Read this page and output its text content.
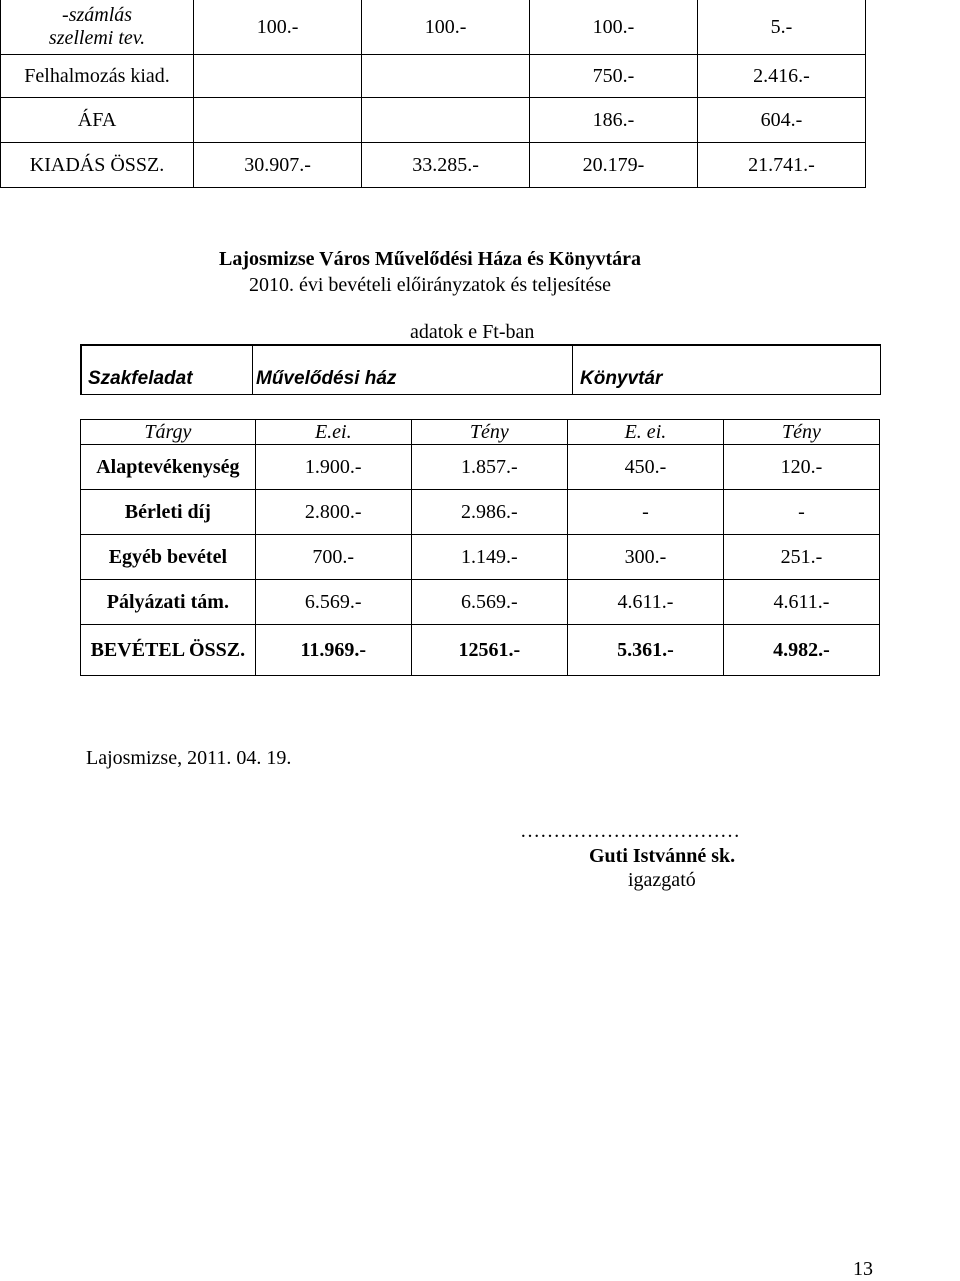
-számlás
szellemi tev.	100.-	100.-	100.-	5.-
Felhalmozás kiad.			750.-	2.416.-
ÁFA			186.-	604.-
KIADÁS ÖSSZ.	30.907.-	33.285.-	20.179-	21.741.-
Lajosmizse Város Művelődési Háza és Könyvtára
2010. évi bevételi előirányzatok és teljesítése
adatok e Ft-ban
Szakfeladat	Művelődési ház	Könyvtár
Tárgy	E.ei.	Tény	E. ei.	Tény
Alaptevékenység	1.900.-	1.857.-	450.-	120.-
Bérleti díj	2.800.-	2.986.-	-	-
Egyéb bevétel	700.-	1.149.-	300.-	251.-
Pályázati tám.	6.569.-	6.569.-	4.611.-	4.611.-
BEVÉTEL ÖSSZ.	11.969.-	12561.-	5.361.-	4.982.-
Lajosmizse, 2011. 04. 19.
……………………………
Guti Istvánné sk.
igazgató
13
